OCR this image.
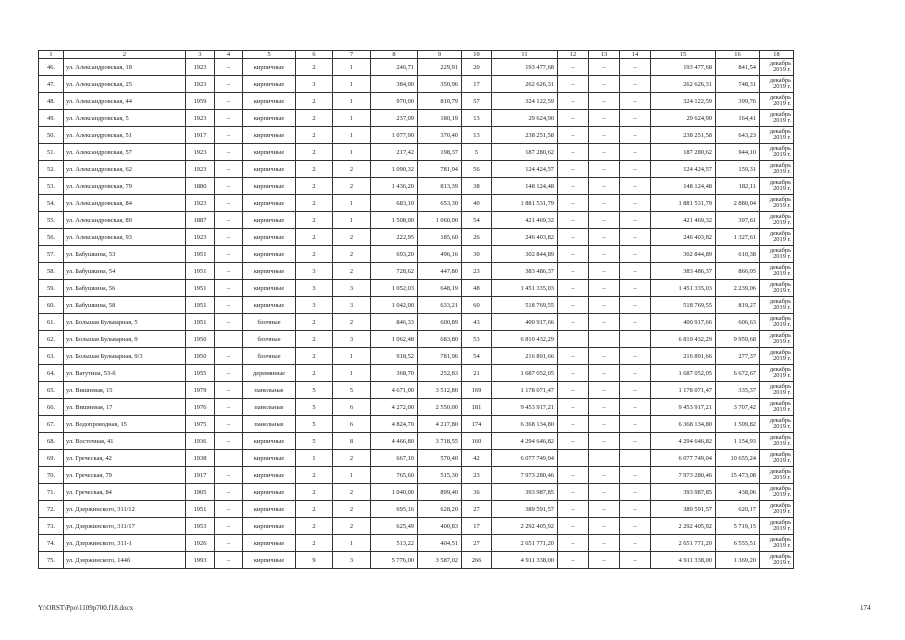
1	2	3	4	5	6	7	8	9	10	11	12	13	14	15	16	18
46.	ул. Александровская, 18	1923	–	кирпичные	2	1	246,71	229,91	20	193 477,68	–	–	–	193 477,68	841,54	декабрь 2019 г.
47.	ул. Александровская, 25	1923	–	кирпичные	3	1	384,90	350,96	17	262 626,31	–	–	–	262 626,31	748,31	декабрь 2019 г.
48.	ул. Александровская, 44	1959	–	кирпичные	2	1	970,00	810,79	57	324 122,59	–	–	–	324 122,59	399,76	декабрь 2019 г.
49.	ул. Александровская, 5	1923	–	кирпичные	2	1	237,09	180,19	13	29 624,90	–	–	–	29 624,90	164,41	декабрь 2019 г.
50.	ул. Александровская, 51	1917	–	кирпичные	2	1	1 077,90	370,40	13	238 251,58	–	–	–	238 251,58	643,23	декабрь 2019 г.
51.	ул. Александровская, 57	1923	–	кирпичные	2	1	217,42	198,37	5	187 280,62	–	–	–	187 280,62	944,10	декабрь 2019 г.
52.	ул. Александровская, 62	1923	–	кирпичные	2	2	1 090,32	781,04	56	124 424,57	–	–	–	124 424,57	159,31	декабрь 2019 г.
53.	ул. Александровская, 79	1880	–	кирпичные	2	2	1 436,20	813,39	38	148 124,48	–	–	–	148 124,48	182,11	декабрь 2019 г.
54.	ул. Александровская, 84	1923	–	кирпичные	2	1	683,10	653,30	40	1 881 531,79	–	–	–	1 881 531,79	2 880,04	декабрь 2019 г.
55.	ул. Александровская, 89	1887	–	кирпичные	2	1	1 508,90	1 060,00	54	421 469,32	–	–	–	421 469,32	397,61	декабрь 2019 г.
56.	ул. Александровская, 93	1923	–	кирпичные	2	2	222,95	185,60	26	246 403,82	–	–	–	246 403,82	1 327,61	декабрь 2019 г.
57.	ул. Бабушкина, 53	1951	–	кирпичные	2	2	693,20	496,16	30	302 844,89	–	–	–	302 844,89	610,38	декабрь 2019 г.
58.	ул. Бабушкина, 54	1951	–	кирпичные	3	2	728,62	447,80	23	383 486,37	–	–	–	383 486,37	866,05	декабрь 2019 г.
59.	ул. Бабушкина, 56	1951	–	кирпичные	3	3	1 052,03	648,19	48	1 451 335,03	–	–	–	1 451 335,03	2 239,06	декабрь 2019 г.
60.	ул. Бабушкина, 58	1951	–	кирпичные	3	3	1 042,00	633,21	60	518 769,55	–	–	–	518 769,55	819,27	декабрь 2019 г.
61.	ул. Большая Бульварная, 5	1951	–	блочные	2	2	846,33	600,89	43	400 917,66	–	–	–	400 917,66	606,63	декабрь 2019 г.
62.	ул. Большая Бульварная, 9	1950		блочные	2	3	1 062,48	683,80	53	6 810 432,29				6 810 432,29	9 959,68	декабрь 2019 г.
63.	ул. Большая Бульварная, 9/3	1950	–	блочные	2	1	918,52	781,96	54	216 891,66	–	–	–	216 891,66	277,37	декабрь 2019 г.
64.	ул. Ватутина, 53-б	1955	–	деревянные	2	1	368,70	252,83	21	1 687 052,05	–	–	–	1 687 052,05	6 672,67	декабрь 2019 г.
65.	ул. Вишневая, 15	1979	–	панельные	5	5	4 671,00	3 512,80	169	1 178 071,47	–	–	–	1 178 071,47	335,37	декабрь 2019 г.
66.	ул. Вишневая, 17	1976	–	панельные	5	6	4 272,00	2 550,00	181	9 453 917,21	–	–	–	9 453 917,21	3 707,42	декабрь 2019 г.
67.	ул. Водопроводная, 15	1975	–	панельные	5	6	4 824,70	4 217,80	174	6 368 134,80	–	–	–	6 368 134,80	1 509,82	декабрь 2019 г.
68.	ул. Восточная, 41	1936	–	кирпичные	5	8	4 466,80	3 718,55	160	4 294 646,82	–	–	–	4 294 646,82	1 154,93	декабрь 2019 г.
69.	ул. Греческая, 42	1938		кирпичные	1	2	667,10	570,40	42	6 077 749,04				6 077 749,04	10 655,24	декабрь 2019 г.
70.	ул. Греческая, 79	1917	–	кирпичные	2	1	765,60	515,30	23	7 973 280,46	–	–	–	7 973 280,46	15 473,08	декабрь 2019 г.
71.	ул. Греческая, 84	1905	–	кирпичные	2	2	1 040,00	899,40	36	393 987,85	–	–	–	393 987,85	438,06	декабрь 2019 г.
72.	ул. Дзержинского, 311/12	1951	–	кирпичные	2	2	695,16	628,20	27	389 591,57	–	–	–	389 591,57	620,17	декабрь 2019 г.
73.	ул. Дзержинского, 311/17	1953	–	кирпичные	2	2	625,49	400,83	17	2 292 405,92	–	–	–	2 292 405,92	5 719,15	декабрь 2019 г.
74.	ул. Дзержинского, 311-1	1926	–	кирпичные	2	1	513,22	404,51	27	2 651 771,20	–	–	–	2 651 771,20	6 555,51	декабрь 2019 г.
75.	ул. Дзержинского, 144б	1993	–	кирпичные	9	3	5 776,00	3 587,02	266	4 911 338,00	–	–	–	4 911 338,00	1 369,20	декабрь 2019 г.
Y:\ORST\Ppo\1109p700.f18.docx	174
